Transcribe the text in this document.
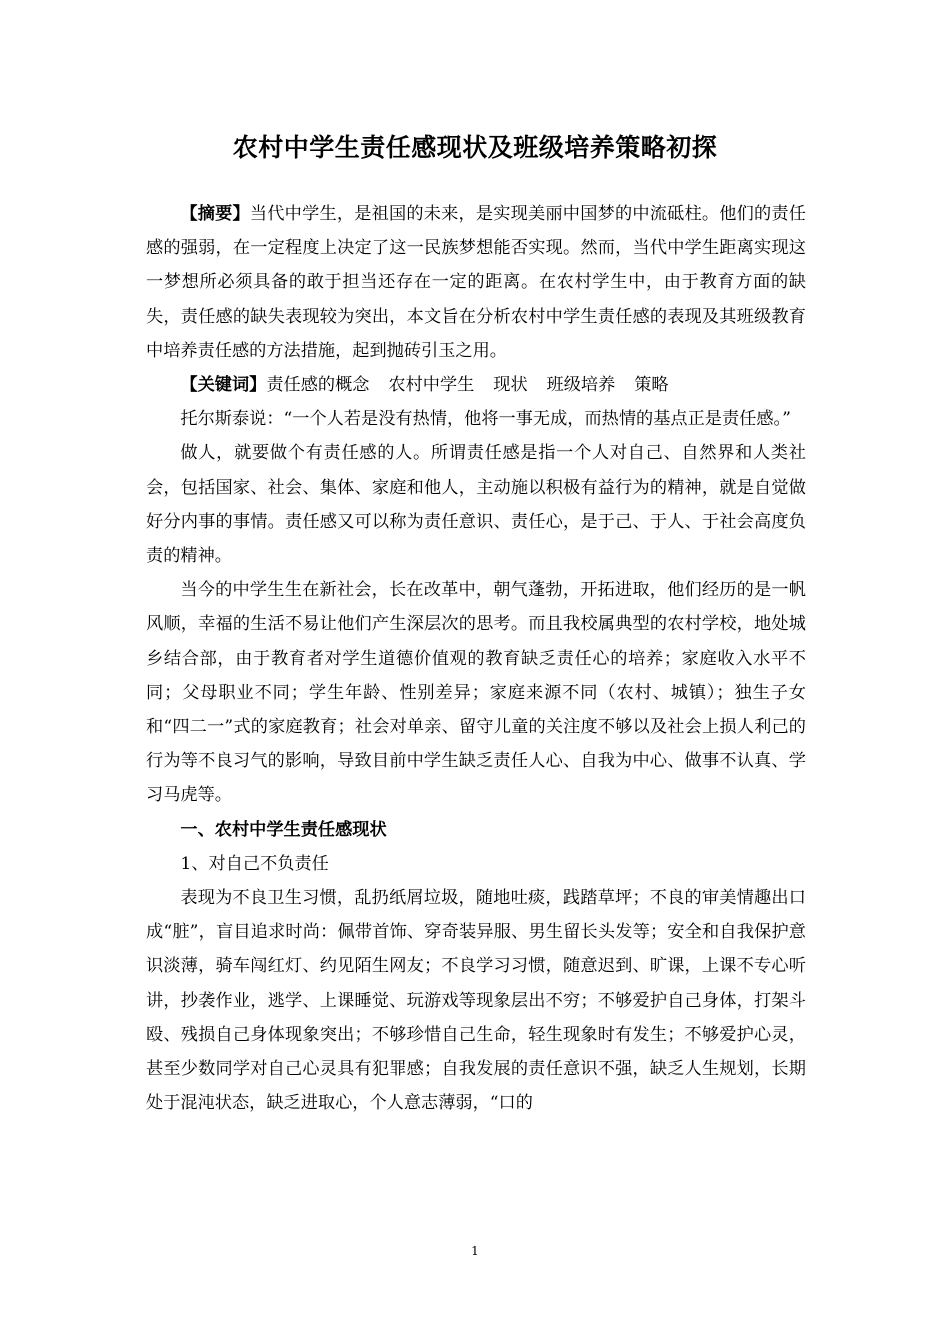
农村中学生责任感现状及班级培养策略初探

【摘要】当代中学生，是祖国的未来，是实现美丽中国梦的中流砥柱。他们的责任感的强弱，在一定程度上决定了这一民族梦想能否实现。然而，当代中学生距离实现这一梦想所必须具备的敢于担当还存在一定的距离。在农村学生中，由于教育方面的缺失，责任感的缺失表现较为突出，本文旨在分析农村中学生责任感的表现及其班级教育中培养责任感的方法措施，起到抛砖引玉之用。

【关键词】责任感的概念 农村中学生 现状 班级培养 策略

托尔斯泰说：“一个人若是没有热情，他将一事无成，而热情的基点正是责任感。”

做人，就要做个有责任感的人。所谓责任感是指一个人对自己、自然界和人类社会，包括国家、社会、集体、家庭和他人，主动施以积极有益行为的精神，就是自觉做好分内事的事情。责任感又可以称为责任意识、责任心，是于己、于人、于社会高度负责的精神。

当今的中学生生在新社会，长在改革中，朝气蓬勃，开拓进取，他们经历的是一帆风顺，幸福的生活不易让他们产生深层次的思考。而且我校属典型的农村学校，地处城乡结合部，由于教育者对学生道德价值观的教育缺乏责任心的培养；家庭收入水平不同；父母职业不同；学生年龄、性别差异；家庭来源不同（农村、城镇）；独生子女和“四二一”式的家庭教育；社会对单亲、留守儿童的关注度不够以及社会上损人利己的行为等不良习气的影响，导致目前中学生缺乏责任人心、自我为中心、做事不认真、学习马虎等。

一、农村中学生责任感现状

1、对自己不负责任

表现为不良卫生习惯，乱扔纸屑垃圾，随地吐痰，践踏草坪；不良的审美情趣出口成“脏”，盲目追求时尚：佩带首饰、穿奇装异服、男生留长头发等；安全和自我保护意识淡薄，骑车闯红灯、约见陌生网友；不良学习习惯，随意迟到、旷课，上课不专心听讲，抄袭作业，逃学、上课睡觉、玩游戏等现象层出不穷；不够爱护自己身体，打架斗殴、残损自己身体现象突出；不够珍惜自己生命，轻生现象时有发生；不够爱护心灵，甚至少数同学对自己心灵具有犯罪感；自我发展的责任意识不强，缺乏人生规划，长期处于混沌状态，缺乏进取心，个人意志薄弱，“口的

1
